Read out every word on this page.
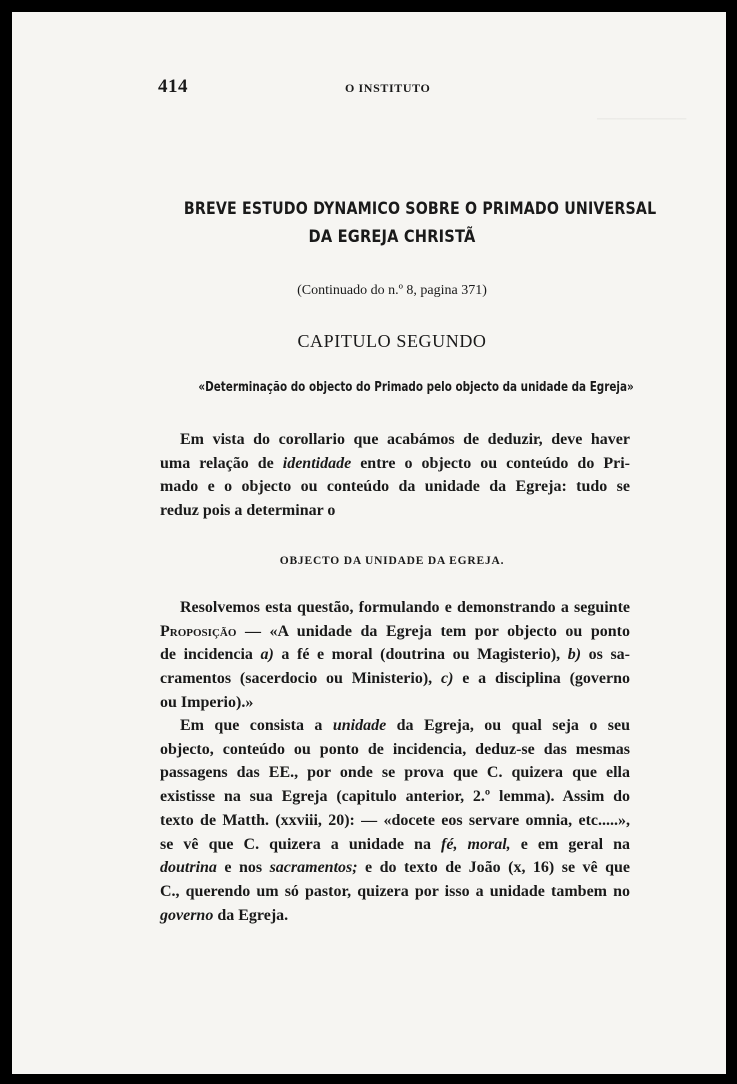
─────────
414	O INSTITUTO
BREVE ESTUDO DYNAMICO SOBRE O PRIMADO UNIVERSAL
DA EGREJA CHRISTÃ
(Continuado do n.º 8, pagina 371)
CAPITULO SEGUNDO
«Determinação do objecto do Primado pelo objecto da unidade da Egreja»
Em vista do corollario que acabámos de deduzir, deve haver
uma relação de identidade entre o objecto ou conteúdo do Pri-
mado e o objecto ou conteúdo da unidade da Egreja: tudo se
reduz pois a determinar o
OBJECTO DA UNIDADE DA EGREJA.
Resolvemos esta questão, formulando e demonstrando a seguinte
Proposição — «A unidade da Egreja tem por objecto ou ponto
de incidencia a) a fé e moral (doutrina ou Magisterio), b) os sa-
cramentos (sacerdocio ou Ministerio), c) e a disciplina (governo
ou Imperio).»
Em que consista a unidade da Egreja, ou qual seja o seu
objecto, conteúdo ou ponto de incidencia, deduz-se das mesmas
passagens das EE., por onde se prova que C. quizera que ella
existisse na sua Egreja (capitulo anterior, 2.º lemma). Assim do
texto de Matth. (xxviii, 20): — «docete eos servare omnia, etc.....»,
se vê que C. quizera a unidade na fé, moral, e em geral na
doutrina e nos sacramentos; e do texto de João (x, 16) se vê que
C., querendo um só pastor, quizera por isso a unidade tambem no
governo da Egreja.
